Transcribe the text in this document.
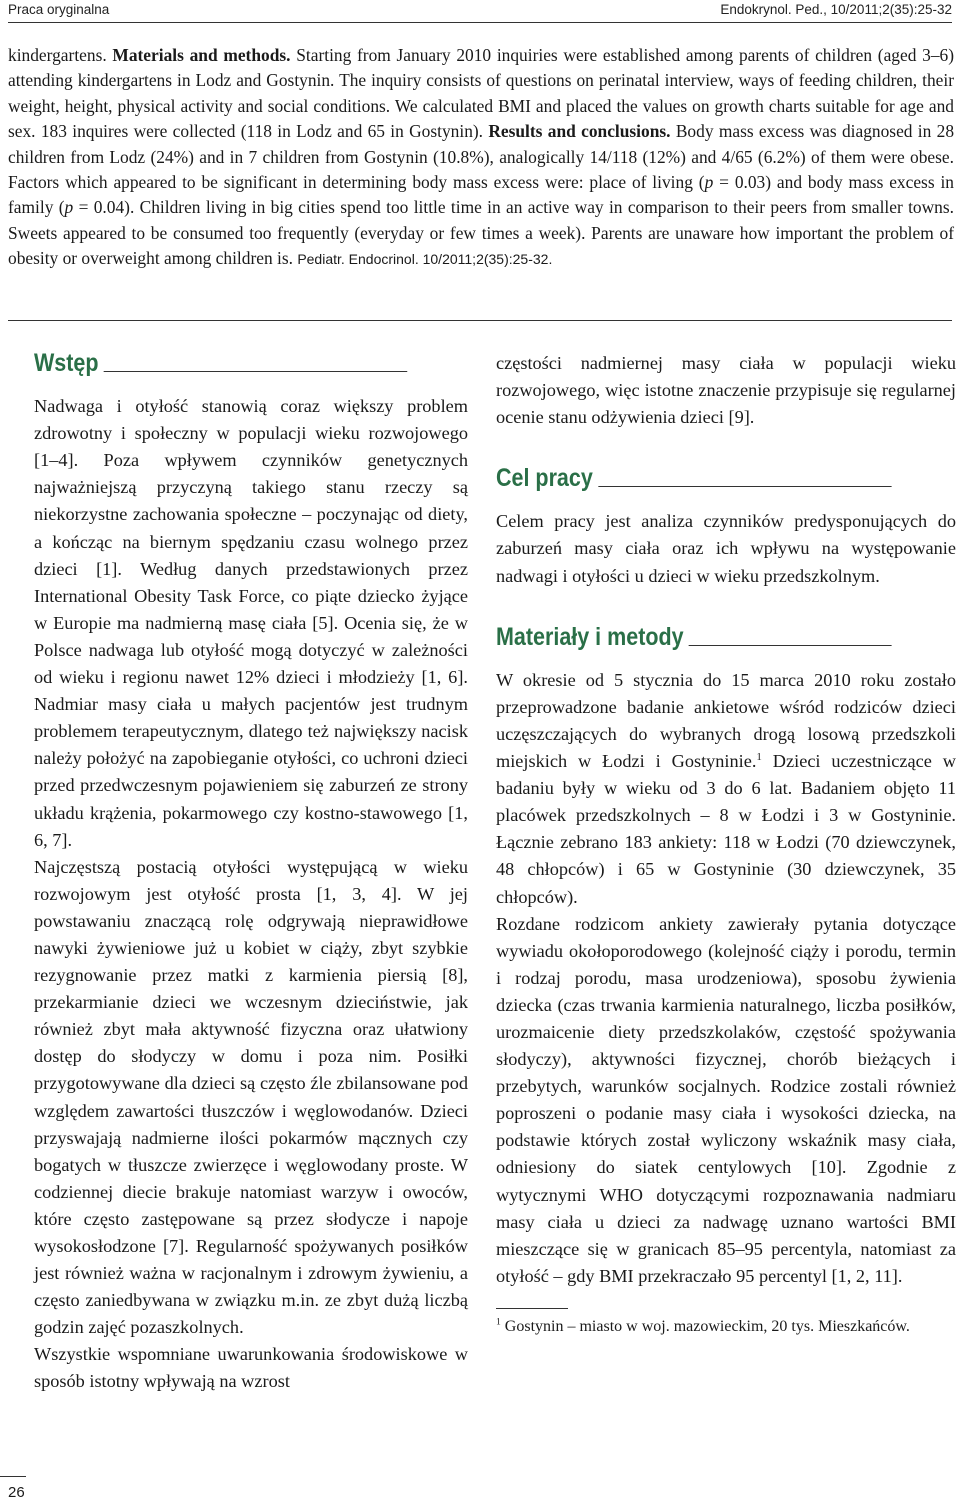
Praca oryginalna	Endokrynol. Ped., 10/2011;2(35):25-32

kindergartens. Materials and methods. Starting from January 2010 inquiries were established among parents of children (aged 3–6) attending kindergartens in Lodz and Gostynin. The inquiry consists of questions on perinatal interview, ways of feeding children, their weight, height, physical activity and social conditions. We calculated BMI and placed the values on growth charts suitable for age and sex. 183 inquires were collected (118 in Lodz and 65 in Gostynin). Results and conclusions. Body mass excess was diagnosed in 28 children from Lodz (24%) and in 7 children from Gostynin (10.8%), analogically 14/118 (12%) and 4/65 (6.2%) of them were obese. Factors which appeared to be significant in determining body mass excess were: place of living (p = 0.03) and body mass excess in family (p = 0.04). Children living in big cities spend too little time in an active way in comparison to their peers from smaller towns. Sweets appeared to be consumed too frequently (everyday or few times a week). Parents are unaware how important the problem of obesity or overweight among children is. Pediatr. Endocrinol. 10/2011;2(35):25-32.

Wstęp

Nadwaga i otyłość stanowią coraz większy problem zdrowotny i społeczny w populacji wieku rozwojowego [1–4]. Poza wpływem czynników genetycznych najważniejszą przyczyną takiego stanu rzeczy są niekorzystne zachowania społeczne – poczynając od diety, a kończąc na biernym spędzaniu czasu wolnego przez dzieci [1]. Według danych przedstawionych przez International Obesity Task Force, co piąte dziecko żyjące w Europie ma nadmierną masę ciała [5]. Ocenia się, że w Polsce nadwaga lub otyłość mogą dotyczyć w zależności od wieku i regionu nawet 12% dzieci i młodzieży [1, 6]. Nadmiar masy ciała u małych pacjentów jest trudnym problemem terapeutycznym, dlatego też największy nacisk należy położyć na zapobieganie otyłości, co uchroni dzieci przed przedwczesnym pojawieniem się zaburzeń ze strony układu krążenia, pokarmowego czy kostno-stawowego [1, 6, 7].

Najczęstszą postacią otyłości występującą w wieku rozwojowym jest otyłość prosta [1, 3, 4]. W jej powstawaniu znaczącą rolę odgrywają nieprawidłowe nawyki żywieniowe już u kobiet w ciąży, zbyt szybkie rezygnowanie przez matki z karmienia piersią [8], przekarmianie dzieci we wczesnym dzieciństwie, jak również zbyt mała aktywność fizyczna oraz ułatwiony dostęp do słodyczy w domu i poza nim. Posiłki przygotowywane dla dzieci są często źle zbilansowane pod względem zawartości tłuszczów i węglowodanów. Dzieci przyswajają nadmierne ilości pokarmów mącznych czy bogatych w tłuszcze zwierzęce i węglowodany proste. W codziennej diecie brakuje natomiast warzyw i owoców, które często zastępowane są przez słodycze i napoje wysokosłodzone [7]. Regularność spożywanych posiłków jest również ważna w racjonalnym i zdrowym żywieniu, a często zaniedbywana w związku m.in. ze zbyt dużą liczbą godzin zajęć pozaszkolnych.

Wszystkie wspomniane uwarunkowania środowiskowe w sposób istotny wpływają na wzrost

częstości nadmiernej masy ciała w populacji wieku rozwojowego, więc istotne znaczenie przypisuje się regularnej ocenie stanu odżywienia dzieci [9].

Cel pracy

Celem pracy jest analiza czynników predysponujących do zaburzeń masy ciała oraz ich wpływu na występowanie nadwagi i otyłości u dzieci w wieku przedszkolnym.

Materiały i metody

W okresie od 5 stycznia do 15 marca 2010 roku zostało przeprowadzone badanie ankietowe wśród rodziców dzieci uczęszczających do wybranych drogą losową przedszkoli miejskich w Łodzi i Gostyninie.$^1$ Dzieci uczestniczące w badaniu były w wieku od 3 do 6 lat. Badaniem objęto 11 placówek przedszkolnych – 8 w Łodzi i 3 w Gostyninie. Łącznie zebrano 183 ankiety: 118 w Łodzi (70 dziewczynek, 48 chłopców) i 65 w Gostyninie (30 dziewczynek, 35 chłopców).

Rozdane rodzicom ankiety zawierały pytania dotyczące wywiadu okołoporodowego (kolejność ciąży i porodu, termin i rodzaj porodu, masa urodzeniowa), sposobu żywienia dziecka (czas trwania karmienia naturalnego, liczba posiłków, urozmaicenie diety przedszkolaków, częstość spożywania słodyczy), aktywności fizycznej, chorób bieżących i przebytych, warunków socjalnych. Rodzice zostali również poproszeni o podanie masy ciała i wysokości dziecka, na podstawie których został wyliczony wskaźnik masy ciała, odniesiony do siatek centylowych [10]. Zgodnie z wytycznymi WHO dotyczącymi rozpoznawania nadmiaru masy ciała u dzieci za nadwagę uznano wartości BMI mieszczące się w granicach 85–95 percentyla, natomiast za otyłość – gdy BMI przekraczało 95 percentyl [1, 2, 11].

$^1$ Gostynin – miasto w woj. mazowieckim, 20 tys. Mieszkańców.

26
